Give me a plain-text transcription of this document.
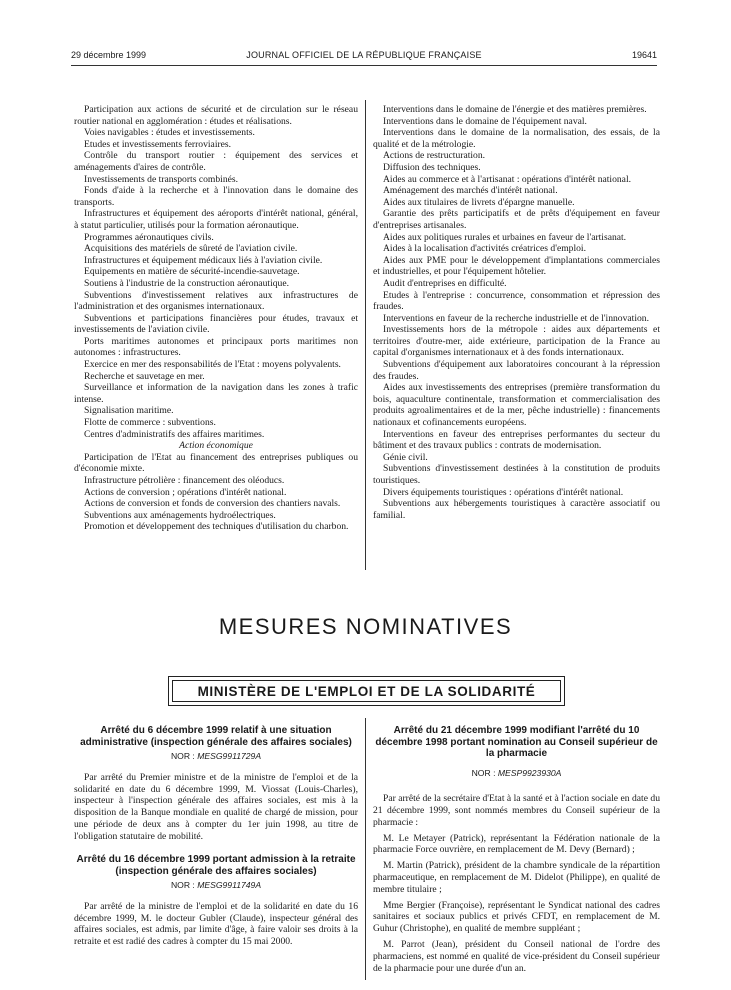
29 décembre 1999	JOURNAL OFFICIEL DE LA RÉPUBLIQUE FRANÇAISE	19641

Participation aux actions de sécurité et de circulation sur le réseau routier national en agglomération : études et réalisations.

Voies navigables : études et investissements.

Etudes et investissements ferroviaires.

Contrôle du transport routier : équipement des services et aménagements d'aires de contrôle.

Investissements de transports combinés.

Fonds d'aide à la recherche et à l'innovation dans le domaine des transports.

Infrastructures et équipement des aéroports d'intérêt national, général, à statut particulier, utilisés pour la formation aéronautique.

Programmes aéronautiques civils.

Acquisitions des matériels de sûreté de l'aviation civile.

Infrastructures et équipement médicaux liés à l'aviation civile.

Equipements en matière de sécurité-incendie-sauvetage.

Soutiens à l'industrie de la construction aéronautique.

Subventions d'investissement relatives aux infrastructures de l'administration et des organismes internationaux.

Subventions et participations financières pour études, travaux et investissements de l'aviation civile.

Ports maritimes autonomes et principaux ports maritimes non autonomes : infrastructures.

Exercice en mer des responsabilités de l'Etat : moyens polyvalents.

Recherche et sauvetage en mer.

Surveillance et information de la navigation dans les zones à trafic intense.

Signalisation maritime.

Flotte de commerce : subventions.

Centres d'administratifs des affaires maritimes.

Action économique

Participation de l'Etat au financement des entreprises publiques ou d'économie mixte.

Infrastructure pétrolière : financement des oléoducs.

Actions de conversion ; opérations d'intérêt national.

Actions de conversion et fonds de conversion des chantiers navals.

Subventions aux aménagements hydroélectriques.

Promotion et développement des techniques d'utilisation du charbon.

Interventions dans le domaine de l'énergie et des matières premières.

Interventions dans le domaine de l'équipement naval.

Interventions dans le domaine de la normalisation, des essais, de la qualité et de la métrologie.

Actions de restructuration.

Diffusion des techniques.

Aides au commerce et à l'artisanat : opérations d'intérêt national.

Aménagement des marchés d'intérêt national.

Aides aux titulaires de livrets d'épargne manuelle.

Garantie des prêts participatifs et de prêts d'équipement en faveur d'entreprises artisanales.

Aides aux politiques rurales et urbaines en faveur de l'artisanat.

Aides à la localisation d'activités créatrices d'emploi.

Aides aux PME pour le développement d'implantations commerciales et industrielles, et pour l'équipement hôtelier.

Audit d'entreprises en difficulté.

Etudes à l'entreprise : concurrence, consommation et répression des fraudes.

Interventions en faveur de la recherche industrielle et de l'innovation.

Investissements hors de la métropole : aides aux départements et territoires d'outre-mer, aide extérieure, participation de la France au capital d'organismes internationaux et à des fonds internationaux.

Subventions d'équipement aux laboratoires concourant à la répression des fraudes.

Aides aux investissements des entreprises (première transformation du bois, aquaculture continentale, transformation et commercialisation des produits agroalimentaires et de la mer, pêche industrielle) : financements nationaux et cofinancements européens.

Interventions en faveur des entreprises performantes du secteur du bâtiment et des travaux publics : contrats de modernisation.

Génie civil.

Subventions d'investissement destinées à la constitution de produits touristiques.

Divers équipements touristiques : opérations d'intérêt national.

Subventions aux hébergements touristiques à caractère associatif ou familial.

MESURES NOMINATIVES
MINISTÈRE DE L'EMPLOI ET DE LA SOLIDARITÉ
Arrêté du 6 décembre 1999 relatif à une situation administrative (inspection générale des affaires sociales)
NOR : MESG9911729A

Par arrêté du Premier ministre et de la ministre de l'emploi et de la solidarité en date du 6 décembre 1999, M. Viossat (Louis-Charles), inspecteur à l'inspection générale des affaires sociales, est mis à la disposition de la Banque mondiale en qualité de chargé de mission, pour une période de deux ans à compter du 1er juin 1998, au titre de l'obligation statutaire de mobilité.

Arrêté du 16 décembre 1999 portant admission à la retraite (inspection générale des affaires sociales)
NOR : MESG9911749A

Par arrêté de la ministre de l'emploi et de la solidarité en date du 16 décembre 1999, M. le docteur Gubler (Claude), inspecteur général des affaires sociales, est admis, par limite d'âge, à faire valoir ses droits à la retraite et est radié des cadres à compter du 15 mai 2000.

Arrêté du 21 décembre 1999 modifiant l'arrêté du 10 décembre 1998 portant nomination au Conseil supérieur de la pharmacie
NOR : MESP9923930A

Par arrêté de la secrétaire d'Etat à la santé et à l'action sociale en date du 21 décembre 1999, sont nommés membres du Conseil supérieur de la pharmacie :

M. Le Metayer (Patrick), représentant la Fédération nationale de la pharmacie Force ouvrière, en remplacement de M. Devy (Bernard) ;

M. Martin (Patrick), président de la chambre syndicale de la répartition pharmaceutique, en remplacement de M. Didelot (Philippe), en qualité de membre titulaire ;

Mme Bergier (Françoise), représentant le Syndicat national des cadres sanitaires et sociaux publics et privés CFDT, en remplacement de M. Guhur (Christophe), en qualité de membre suppléant ;

M. Parrot (Jean), président du Conseil national de l'ordre des pharmaciens, est nommé en qualité de vice-président du Conseil supérieur de la pharmacie pour une durée d'un an.
